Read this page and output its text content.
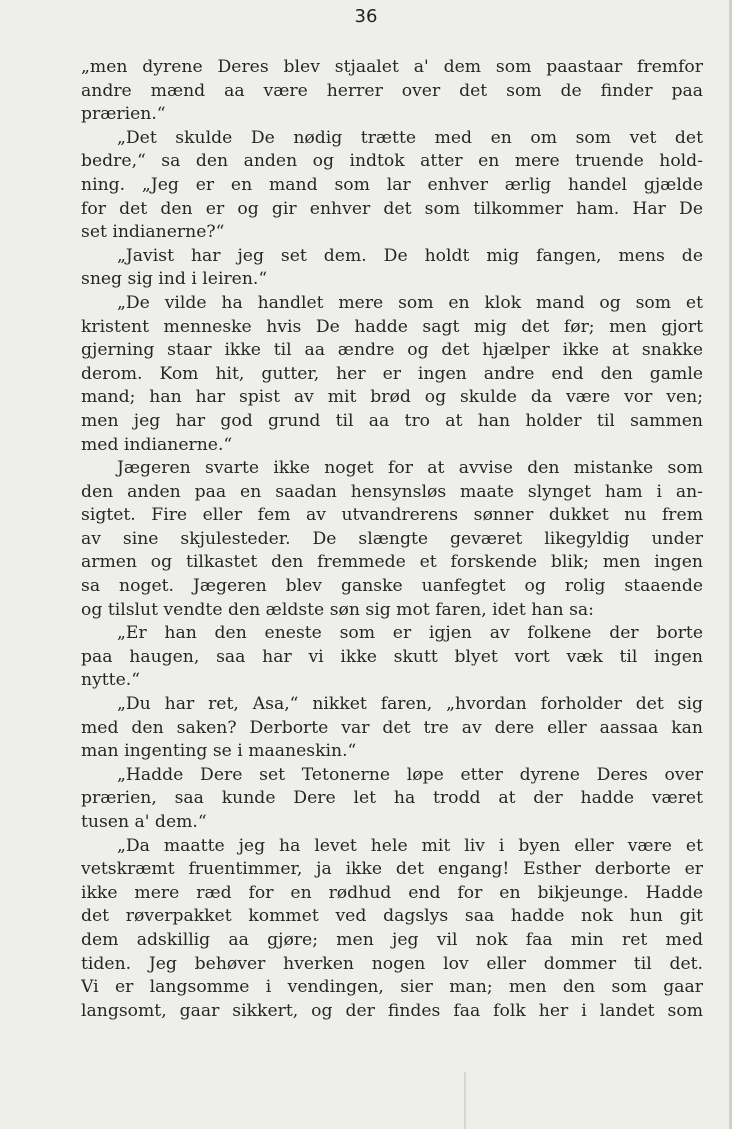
36
„men dyrene Deres blev stjaalet a' dem som paastaar fremfor
andre mænd aa være herrer over det som de finder paa
prærien.“
„Det skulde De nødig trætte med en om som vet det
bedre,“ sa den anden og indtok atter en mere truende hold-
ning. „Jeg er en mand som lar enhver ærlig handel gjælde
for det den er og gir enhver det som tilkommer ham. Har De
set indianerne?“
„Javist har jeg set dem. De holdt mig fangen, mens de
sneg sig ind i leiren.“
„De vilde ha handlet mere som en klok mand og som et
kristent menneske hvis De hadde sagt mig det før; men gjort
gjerning staar ikke til aa ændre og det hjælper ikke at snakke
derom. Kom hit, gutter, her er ingen andre end den gamle
mand; han har spist av mit brød og skulde da være vor ven;
men jeg har god grund til aa tro at han holder til sammen
med indianerne.“
Jægeren svarte ikke noget for at avvise den mistanke som
den anden paa en saadan hensynsløs maate slynget ham i an-
sigtet. Fire eller fem av utvandrerens sønner dukket nu frem
av sine skjulesteder. De slængte geværet likegyldig under
armen og tilkastet den fremmede et forskende blik; men ingen
sa noget. Jægeren blev ganske uanfegtet og rolig staaende
og tilslut vendte den ældste søn sig mot faren, idet han sa:
„Er han den eneste som er igjen av folkene der borte
paa haugen, saa har vi ikke skutt blyet vort væk til ingen
nytte.“
„Du har ret, Asa,“ nikket faren, „hvordan forholder det sig
med den saken? Derborte var det tre av dere eller aassaa kan
man ingenting se i maaneskin.“
„Hadde Dere set Tetonerne løpe etter dyrene Deres over
prærien, saa kunde Dere let ha trodd at der hadde været
tusen a' dem.“
„Da maatte jeg ha levet hele mit liv i byen eller være et
vetskræmt fruentimmer, ja ikke det engang! Esther derborte er
ikke mere ræd for en rødhud end for en bikjeunge. Hadde
det røverpakket kommet ved dagslys saa hadde nok hun git
dem adskillig aa gjøre; men jeg vil nok faa min ret med
tiden. Jeg behøver hverken nogen lov eller dommer til det.
Vi er langsomme i vendingen, sier man; men den som gaar
langsomt, gaar sikkert, og der findes faa folk her i landet som
